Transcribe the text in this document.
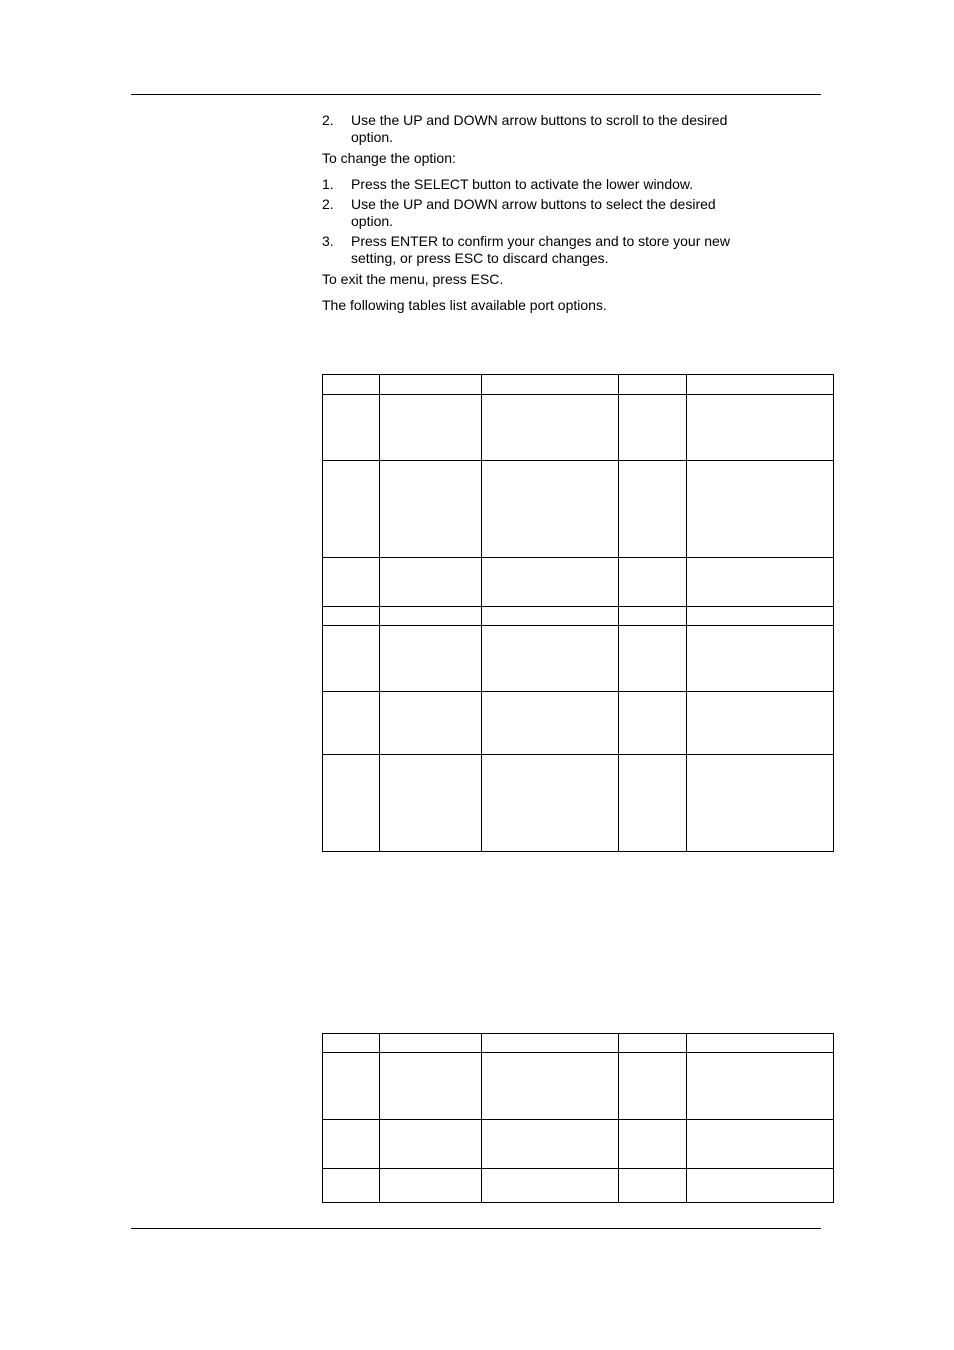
2. Use the UP and DOWN arrow buttons to scroll to the desired option.

To change the option:

1. Press the SELECT button to activate the lower window.
2. Use the UP and DOWN arrow buttons to select the desired option.
3. Press ENTER to confirm your changes and to store your new setting, or press ESC to discard changes.

To exit the menu, press ESC.

The following tables list available port options.
